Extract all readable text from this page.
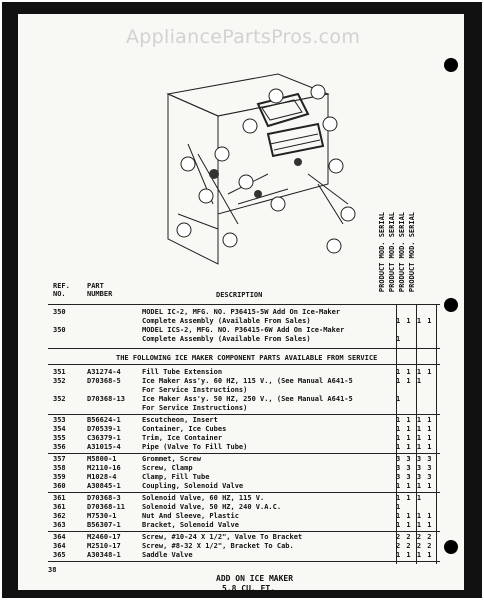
AppliancePartsPros.com
PRODUCT MOD. SERIAL PRODUCT MOD. SERIAL PRODUCT MOD. SERIAL PRODUCT MOD. SERIAL
REF. NO.
PART NUMBER	DESCRIPTION
350	MODEL IC-2, MFG. NO. P36415-5W Add On Ice-Maker
Complete Assembly (Available From Sales)	1 1 1 1
350	MODEL ICS-2, MFG. NO. P36415-6W Add On Ice-Maker
Complete Assembly (Available From Sales)	1
THE FOLLOWING ICE MAKER COMPONENT PARTS AVAILABLE FROM SERVICE
351	A31274-4	Fill Tube Extension	1 1 1 1
352	D70368-5	Ice Maker Ass'y. 60 HZ, 115 V., (See Manual A641-5	1 1 1
For Service Instructions)
352	D70368-13 Ice Maker Ass'y. 50 HZ, 250 V., (See Manual A641-5	1
For Service Instructions)
353	B56624-1	Escutcheon, Insert	1 1 1 1
354	D70539-1	Container, Ice Cubes	1 1 1 1
355	C36379-1	Trim, Ice Container	1 1 1 1
356	A31015-4	Pipe (Valve To Fill Tube)	1 1 1 1
357	M5800-1	Grommet, Screw	3 3 3 3
358	M2110-16	Screw, Clamp	3 3 3 3
359	M1028-4	Clamp, Fill Tube	3 3 3 3
360	A30845-1	Coupling, Solenoid Valve	1 1 1 1
361	D70368-3	Solenoid Valve, 60 HZ, 115 V.	1 1 1
361	D70368-11 Solenoid Valve, 50 HZ, 240 V.A.C.	1
362	M7530-1	Nut And Sleeve, Plastic	1 1 1 1
363	B56307-1	Bracket, Solenoid Valve	1 1 1 1
364	M2460-17	Screw, #10-24 X 1/2", Valve To Bracket	2 2 2 2
364	M2510-17	Screw, #8-32 X 1/2", Bracket To Cab.	2 2 2 2
365	A30348-1	Saddle Valve	1 1 1 1
38
ADD ON ICE MAKER
5.8 CU. FT.
